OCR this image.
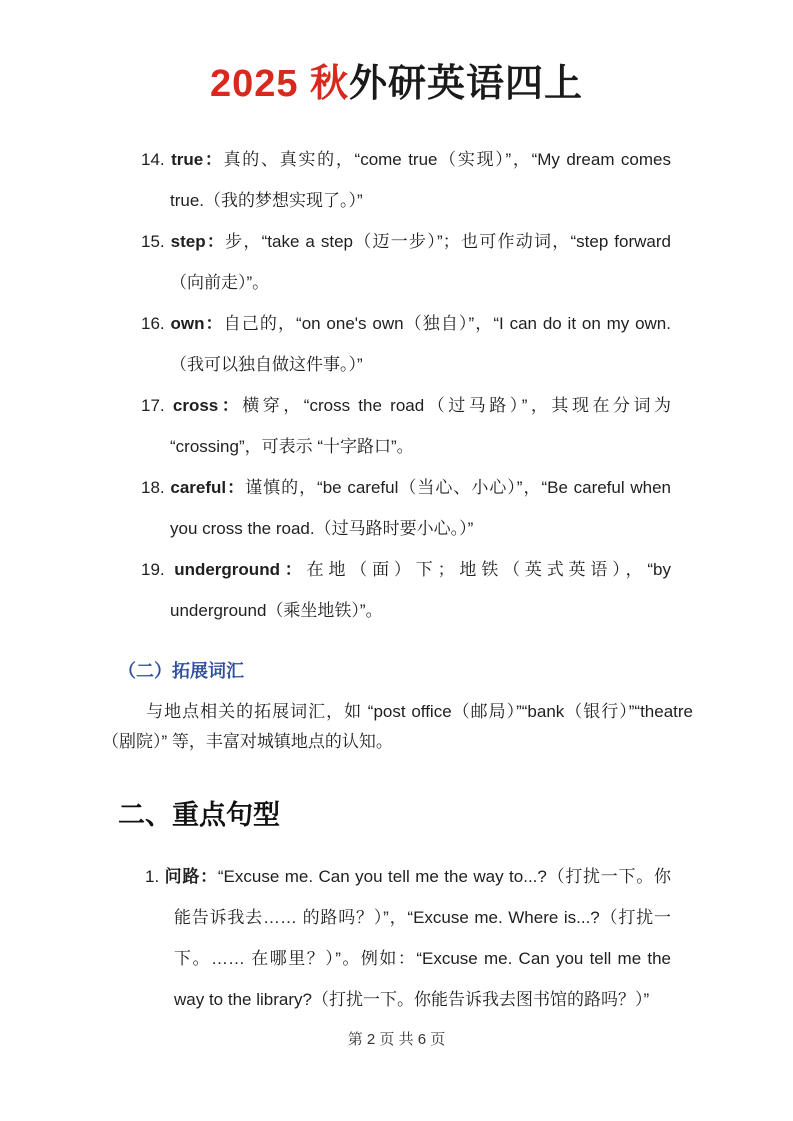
2025 秋外研英语四上
14. true：真的、真实的，“come true（实现）”，“My dream comes true.（我的梦想实现了。）”
15. step：步，“take a step（迈一步）”；也可作动词，“step forward（向前走）”。
16. own：自己的，“on one's own（独自）”，“I can do it on my own.（我可以独自做这件事。）”
17. cross：横穿，“cross the road（过马路）”，其现在分词为 “crossing”，可表示 “十字路口”。
18. careful：谨慎的，“be careful（当心、小心）”，“Be careful when you cross the road.（过马路时要小心。）”
19. underground：在地（面）下；地铁（英式英语），“by underground（乘坐地铁）”。
（二）拓展词汇

与地点相关的拓展词汇，如 “post office（邮局）”“bank（银行）”“theatre（剧院）” 等，丰富对城镇地点的认知。

二、重点句型
1. 问路：“Excuse me. Can you tell me the way to...?（打扰一下。你能告诉我去…… 的路吗？）”，“Excuse me. Where is...?（打扰一下。…… 在哪里？）”。例如：“Excuse me. Can you tell me the way to the library?（打扰一下。你能告诉我去图书馆的路吗？）”
第 2 页 共 6 页
